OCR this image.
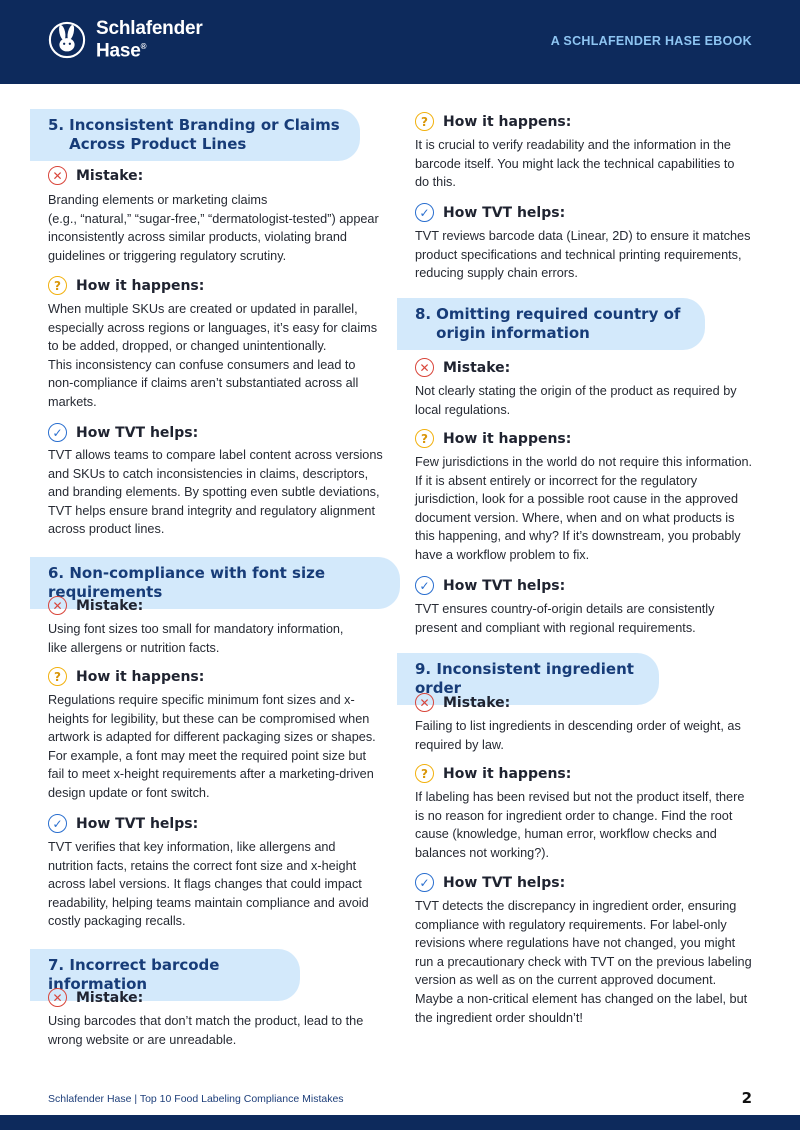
Schlafender
Hase®	A SCHLAFENDER HASE EBOOK
5. Inconsistent Branding or Claims Across Product Lines
✕ Mistake:
Branding elements or marketing claims
(e.g., “natural,” “sugar-free,” “dermatologist-tested”) appear inconsistently across similar products, violating brand guidelines or triggering regulatory scrutiny.
?	How it happens:
When multiple SKUs are created or updated in parallel, especially across regions or languages, it’s easy for claims to be added, dropped, or changed unintentionally.
This inconsistency can confuse consumers and lead to non-compliance if claims aren’t substantiated across all markets.
✓ How TVT helps:
TVT allows teams to compare label content across versions and SKUs to catch inconsistencies in claims, descriptors, and branding elements. By spotting even subtle deviations, TVT helps ensure brand integrity and regulatory alignment across product lines.
6. Non-compliance with font size requirements
✕ Mistake:
Using font sizes too small for mandatory information,
like allergens or nutrition facts.
?	How it happens:
Regulations require specific minimum font sizes and x-heights for legibility, but these can be compromised when artwork is adapted for different packaging sizes or shapes. For example, a font may meet the required point size but fail to meet x-height requirements after a marketing-driven design update or font switch.
✓ How TVT helps:
TVT verifies that key information, like allergens and nutrition facts, retains the correct font size and x-height across label versions. It flags changes that could impact readability, helping teams maintain compliance and avoid costly packaging recalls.
7. Incorrect barcode information
✕ Mistake:
Using barcodes that don’t match the product, lead to the wrong website or are unreadable.
?	How it happens:
It is crucial to verify readability and the information in the barcode itself. You might lack the technical capabilities to do this.
✓ How TVT helps:
TVT reviews barcode data (Linear, 2D) to ensure it matches product specifications and technical printing requirements, reducing supply chain errors.
8. Omitting required country of origin information
✕ Mistake:
Not clearly stating the origin of the product as required by local regulations.
?	How it happens:
Few jurisdictions in the world do not require this information. If it is absent entirely or incorrect for the regulatory jurisdiction, look for a possible root cause in the approved document version. Where, when and on what products is this happening, and why? If it’s downstream, you probably have a workflow problem to fix.
✓ How TVT helps:
TVT ensures country-of-origin details are consistently present and compliant with regional requirements.
9. Inconsistent ingredient order
✕ Mistake:
Failing to list ingredients in descending order of weight, as required by law.
?	How it happens:
If labeling has been revised but not the product itself, there is no reason for ingredient order to change. Find the root cause (knowledge, human error, workflow checks and balances not working?).
✓ How TVT helps:
TVT detects the discrepancy in ingredient order, ensuring compliance with regulatory requirements. For label-only revisions where regulations have not changed, you might run a precautionary check with TVT on the previous labeling version as well as on the current approved document. Maybe a non-critical element has changed on the label, but the ingredient order shouldn’t!
Schlafender Hase | Top 10 Food Labeling Compliance Mistakes	2
